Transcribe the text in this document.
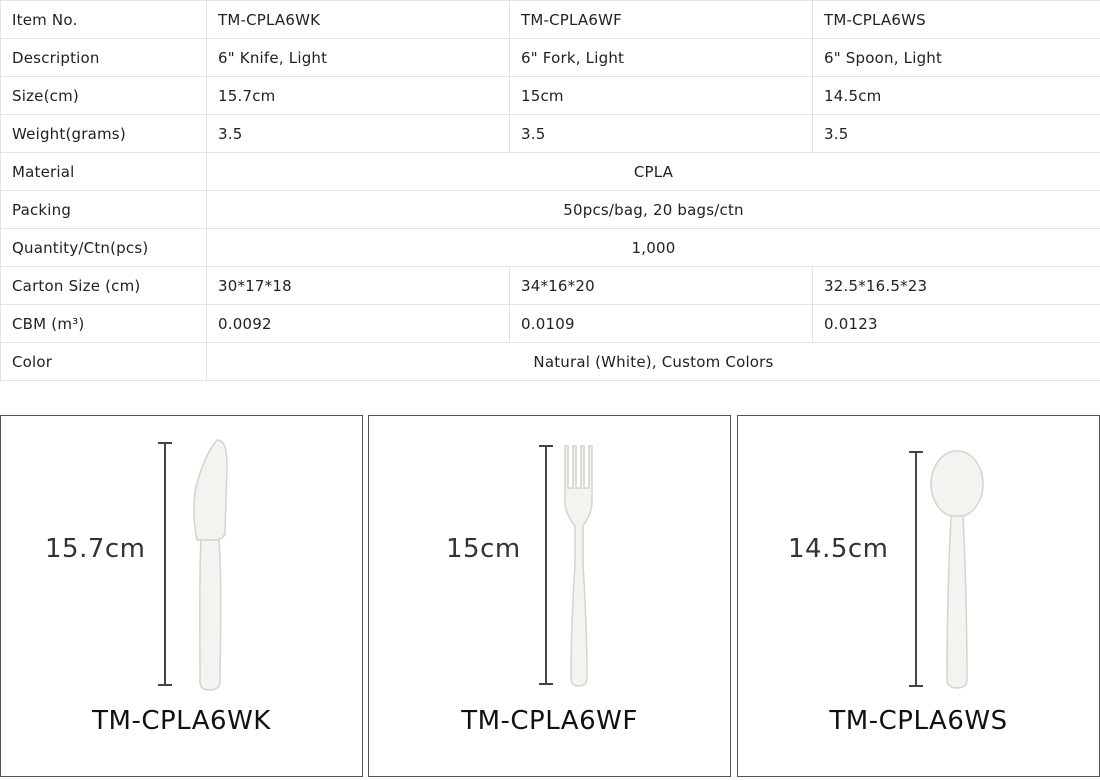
Item No.	TM-CPLA6WK	TM-CPLA6WF	TM-CPLA6WS
Description	6" Knife, Light	6" Fork, Light	6" Spoon, Light
Size(cm)	15.7cm	15cm	14.5cm
Weight(grams)	3.5	3.5	3.5
Material	CPLA		
Packing	50pcs/bag, 20 bags/ctn		
Quantity/Ctn(pcs)	1,000		
Carton Size (cm)	30*17*18	34*16*20	32.5*16.5*23
CBM (m³)	0.0092	0.0109	0.0123
Color	Natural (White), Custom Colors		
15.7cm
TM-CPLA6WK
15cm
TM-CPLA6WF
14.5cm
TM-CPLA6WS
